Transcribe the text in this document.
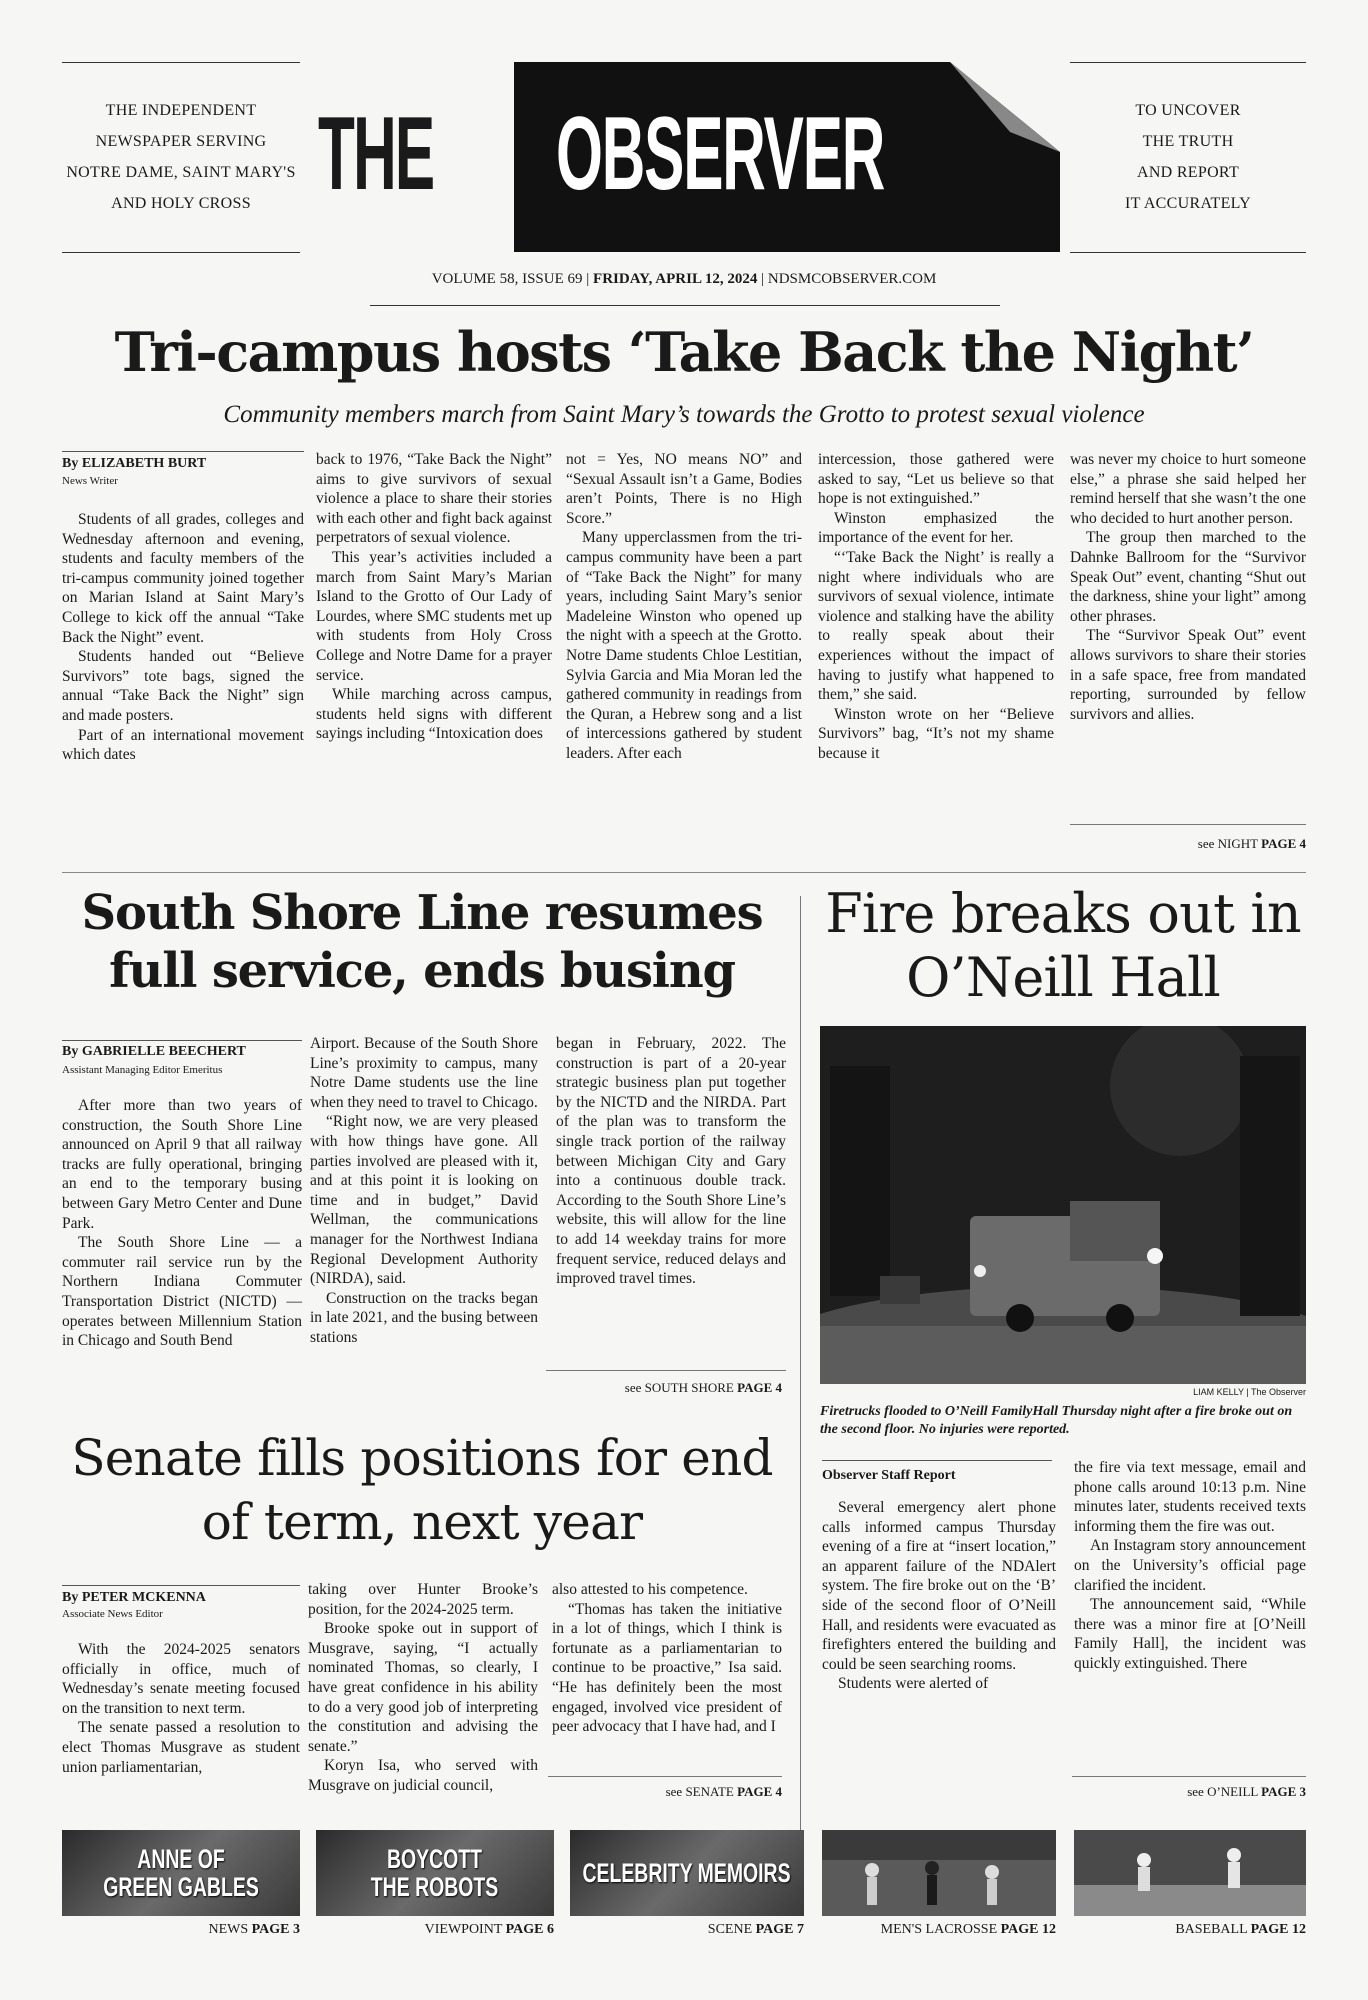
THE INDEPENDENT
NEWSPAPER SERVING
NOTRE DAME, SAINT MARY'S
AND HOLY CROSS THE OBSERVER	TO UNCOVER
THE TRUTH
AND REPORT
IT ACCURATELY
VOLUME 58, ISSUE 69 | FRIDAY, APRIL 12, 2024 | NDSMCOBSERVER.COM
Tri-campus hosts ‘Take Back the Night’
Community members march from Saint Mary’s towards the Grotto to protest sexual violence
By ELIZABETH BURT
News Writer

Students of all grades, colleges and Wednesday afternoon and evening, students and faculty members of the tri-campus community joined together on Marian Island at Saint Mary’s College to kick off the annual “Take Back the Night” event.

Students handed out “Believe Survivors” tote bags, signed the annual “Take Back the Night” sign and made posters.

Part of an international movement which dates

back to 1976, “Take Back the Night” aims to give survivors of sexual violence a place to share their stories with each other and fight back against perpetrators of sexual violence.

This year’s activities included a march from Saint Mary’s Marian Island to the Grotto of Our Lady of Lourdes, where SMC students met up with students from Holy Cross College and Notre Dame for a prayer service.

While marching across campus, students held signs with different sayings including “Intoxication does

not = Yes, NO means NO” and “Sexual Assault isn’t a Game, Bodies aren’t Points, There is no High Score.”

Many upperclassmen from the tri-campus community have been a part of “Take Back the Night” for many years, including Saint Mary’s senior Madeleine Winston who opened up the night with a speech at the Grotto. Notre Dame students Chloe Lestitian, Sylvia Garcia and Mia Moran led the gathered community in readings from the Quran, a Hebrew song and a list of intercessions gathered by student leaders. After each

intercession, those gathered were asked to say, “Let us believe so that hope is not extinguished.”

Winston emphasized the importance of the event for her.

“‘Take Back the Night’ is really a night where individuals who are survivors of sexual violence, intimate violence and stalking have the ability to really speak about their experiences without the impact of having to justify what happened to them,” she said.

Winston wrote on her “Believe Survivors” bag, “It’s not my shame because it

was never my choice to hurt someone else,” a phrase she said helped her remind herself that she wasn’t the one who decided to hurt another person.

The group then marched to the Dahnke Ballroom for the “Survivor Speak Out” event, chanting “Shut out the darkness, shine your light” among other phrases.

The “Survivor Speak Out” event allows survivors to share their stories in a safe space, free from mandated reporting, surrounded by fellow survivors and allies.

see NIGHT PAGE 4
South Shore Line resumes full service, ends busing
By GABRIELLE BEECHERT
Assistant Managing Editor Emeritus

After more than two years of construction, the South Shore Line announced on April 9 that all railway tracks are fully operational, bringing an end to the temporary busing between Gary Metro Center and Dune Park.

The South Shore Line — a commuter rail service run by the Northern Indiana Commuter Transportation District (NICTD) — operates between Millennium Station in Chicago and South Bend

Airport. Because of the South Shore Line’s proximity to campus, many Notre Dame students use the line when they need to travel to Chicago.

“Right now, we are very pleased with how things have gone. All parties involved are pleased with it, and at this point it is looking on time and in budget,” David Wellman, the communications manager for the Northwest Indiana Regional Development Authority (NIRDA), said.

Construction on the tracks began in late 2021, and the busing between stations

began in February, 2022. The construction is part of a 20-year strategic business plan put together by the NICTD and the NIRDA. Part of the plan was to transform the single track portion of the railway between Michigan City and Gary into a continuous double track. According to the South Shore Line’s website, this will allow for the line to add 14 weekday trains for more frequent service, reduced delays and improved travel times.

see SOUTH SHORE PAGE 4
Fire breaks out in O’Neill Hall
LIAM KELLY | The Observer
Firetrucks flooded to O’Neill FamilyHall Thursday night after a fire broke out on the second floor. No injuries were reported.
Observer Staff Report

Several emergency alert phone calls informed campus Thursday evening of a fire at “insert location,” an apparent failure of the NDAlert system. The fire broke out on the ‘B’ side of the second floor of O’Neill Hall, and residents were evacuated as firefighters entered the building and could be seen searching rooms.

Students were alerted of

the fire via text message, email and phone calls around 10:13 p.m. Nine minutes later, students received texts informing them the fire was out.

An Instagram story announcement on the University’s official page clarified the incident.

The announcement said, “While there was a minor fire at [O’Neill Family Hall], the incident was quickly extinguished. There

see O’NEILL PAGE 3
Senate fills positions for end of term, next year
By PETER MCKENNA
Associate News Editor

With the 2024-2025 senators officially in office, much of Wednesday’s senate meeting focused on the transition to next term.

The senate passed a resolution to elect Thomas Musgrave as student union parliamentarian,

taking over Hunter Brooke’s position, for the 2024-2025 term.

Brooke spoke out in support of Musgrave, saying, “I actually nominated Thomas, so clearly, I have great confidence in his ability to do a very good job of interpreting the constitution and advising the senate.”

Koryn Isa, who served with Musgrave on judicial council,

also attested to his competence.

“Thomas has taken the initiative in a lot of things, which I think is fortunate as a parliamentarian to continue to be proactive,” Isa said. “He has definitely been the most engaged, involved vice president of peer advocacy that I have had, and I

see SENATE PAGE 4
ANNE OF
GREEN GABLES
NEWS PAGE 3
BOYCOTT
THE ROBOTS
VIEWPOINT PAGE 6
CELEBRITY MEMOIRS
SCENE PAGE 7	MEN'S LACROSSE PAGE 12	BASEBALL PAGE 12
